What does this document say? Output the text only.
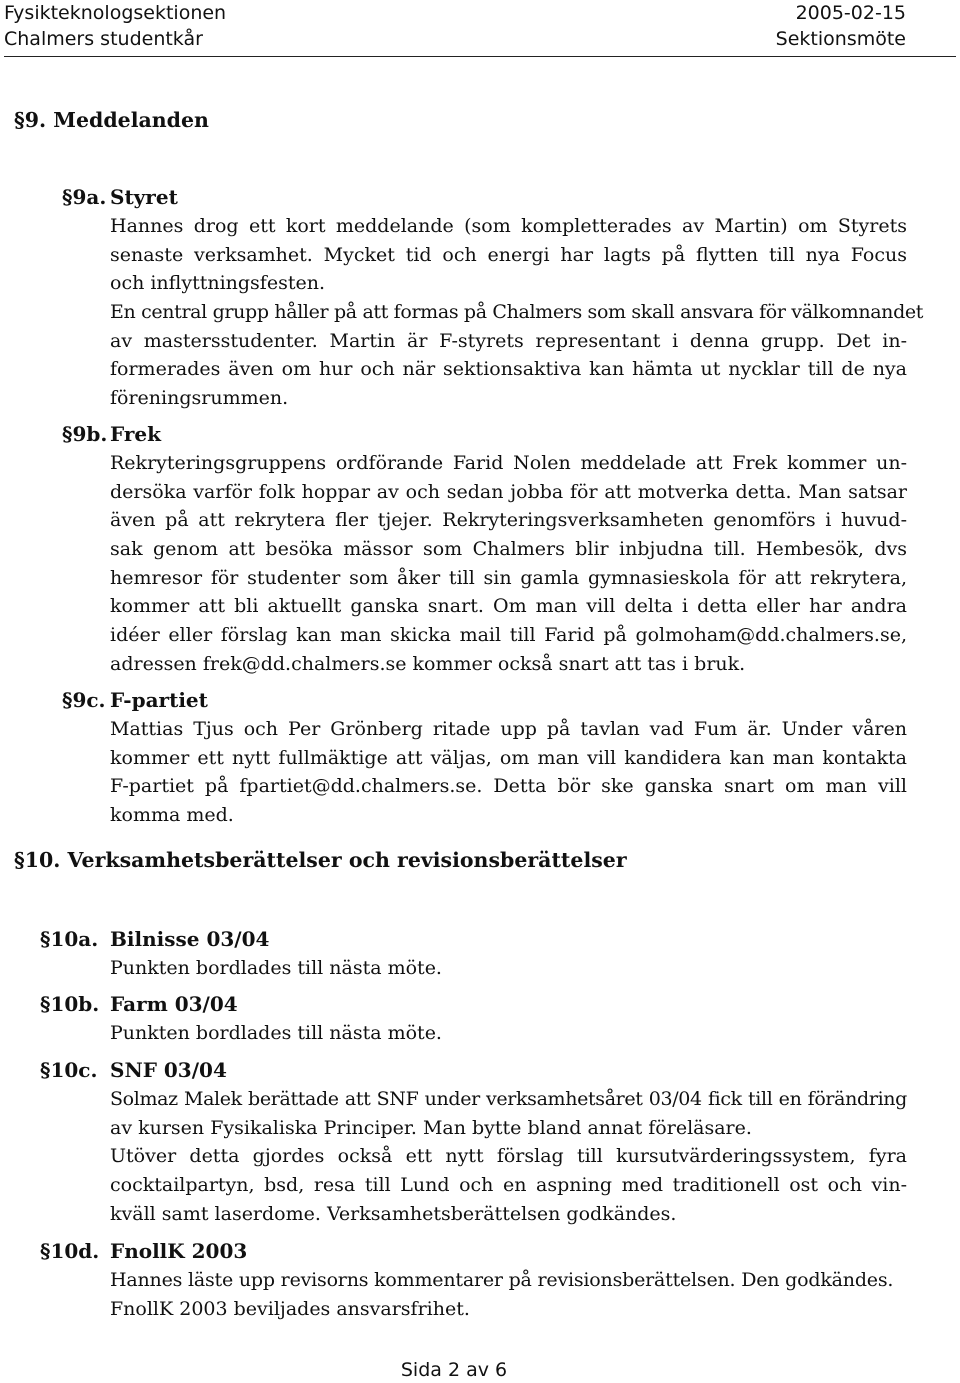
Fysikteknologsektionen
Chalmers studentkår
2005-02-15
Sektionsmöte
§9. Meddelanden
§9a. Styret
Hannes drog ett kort meddelande (som kompletterades av Martin) om Styrets
senaste verksamhet. Mycket tid och energi har lagts på flytten till nya Focus
och inflyttningsfesten.
En central grupp håller på att formas på Chalmers som skall ansvara för välkomnandet
av mastersstudenter. Martin är F-styrets representant i denna grupp. Det in-
formerades även om hur och när sektionsaktiva kan hämta ut nycklar till de nya
föreningsrummen.
§9b. Frek
Rekryteringsgruppens ordförande Farid Nolen meddelade att Frek kommer un-
dersöka varför folk hoppar av och sedan jobba för att motverka detta. Man satsar
även på att rekrytera fler tjejer. Rekryteringsverksamheten genomförs i huvud-
sak genom att besöka mässor som Chalmers blir inbjudna till. Hembesök, dvs
hemresor för studenter som åker till sin gamla gymnasieskola för att rekrytera,
kommer att bli aktuellt ganska snart. Om man vill delta i detta eller har andra
idéer eller förslag kan man skicka mail till Farid på golmoham@dd.chalmers.se,
adressen frek@dd.chalmers.se kommer också snart att tas i bruk.
§9c. F-partiet
Mattias Tjus och Per Grönberg ritade upp på tavlan vad Fum är. Under våren
kommer ett nytt fullmäktige att väljas, om man vill kandidera kan man kontakta
F-partiet på fpartiet@dd.chalmers.se. Detta bör ske ganska snart om man vill
komma med.
§10. Verksamhetsberättelser och revisionsberättelser
§10a. Bilnisse 03/04
Punkten bordlades till nästa möte.
§10b. Farm 03/04
Punkten bordlades till nästa möte.
§10c. SNF 03/04
Solmaz Malek berättade att SNF under verksamhetsåret 03/04 fick till en förändring
av kursen Fysikaliska Principer. Man bytte bland annat föreläsare.
Utöver detta gjordes också ett nytt förslag till kursutvärderingssystem, fyra
cocktailpartyn, bsd, resa till Lund och en aspning med traditionell ost och vin-
kväll samt laserdome. Verksamhetsberättelsen godkändes.
§10d. FnollK 2003
Hannes läste upp revisorns kommentarer på revisionsberättelsen. Den godkändes.
FnollK 2003 beviljades ansvarsfrihet.
Sida 2 av 6
